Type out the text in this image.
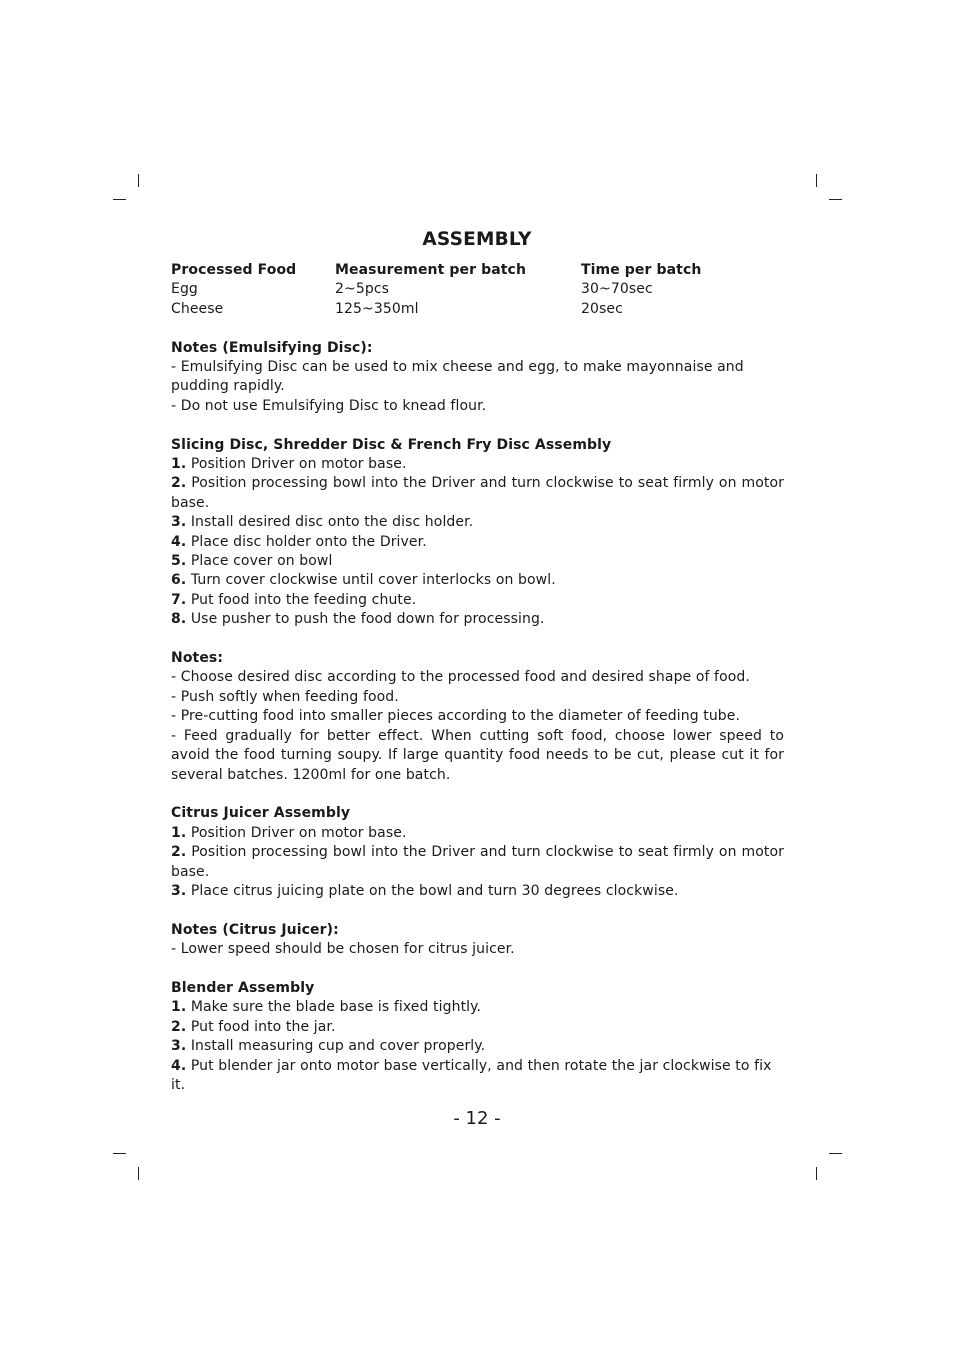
ASSEMBLY
Processed Food	Measurement per batch	Time per batch
Egg	2~5pcs	30~70sec
Cheese	125~350ml	20sec

Notes (Emulsifying Disc):

- Emulsifying Disc can be used to mix cheese and egg, to make mayonnaise and pudding rapidly.

- Do not use Emulsifying Disc to knead flour.

Slicing Disc, Shredder Disc & French Fry Disc Assembly

1. Position Driver on motor base.

2. Position processing bowl into the Driver and turn clockwise to seat firmly on motor base.

3. Install desired disc onto the disc holder.

4. Place disc holder onto the Driver.

5. Place cover on bowl

6. Turn cover clockwise until cover interlocks on bowl.

7. Put food into the feeding chute.

8. Use pusher to push the food down for processing.

Notes:

- Choose desired disc according to the processed food and desired shape of food.

- Push softly when feeding food.

- Pre-cutting food into smaller pieces according to the diameter of feeding tube.

- Feed gradually for better effect. When cutting soft food, choose lower speed to avoid the food turning soupy. If large quantity food needs to be cut, please cut it for several batches. 1200ml for one batch.

Citrus Juicer Assembly

1. Position Driver on motor base.

2. Position processing bowl into the Driver and turn clockwise to seat firmly on motor base.

3. Place citrus juicing plate on the bowl and turn 30 degrees clockwise.

Notes (Citrus Juicer):

- Lower speed should be chosen for citrus juicer.

Blender Assembly

1. Make sure the blade base is fixed tightly.

2. Put food into the jar.

3. Install measuring cup and cover properly.

4. Put blender jar onto motor base vertically, and then rotate the jar clockwise to fix it.

- 12 -
